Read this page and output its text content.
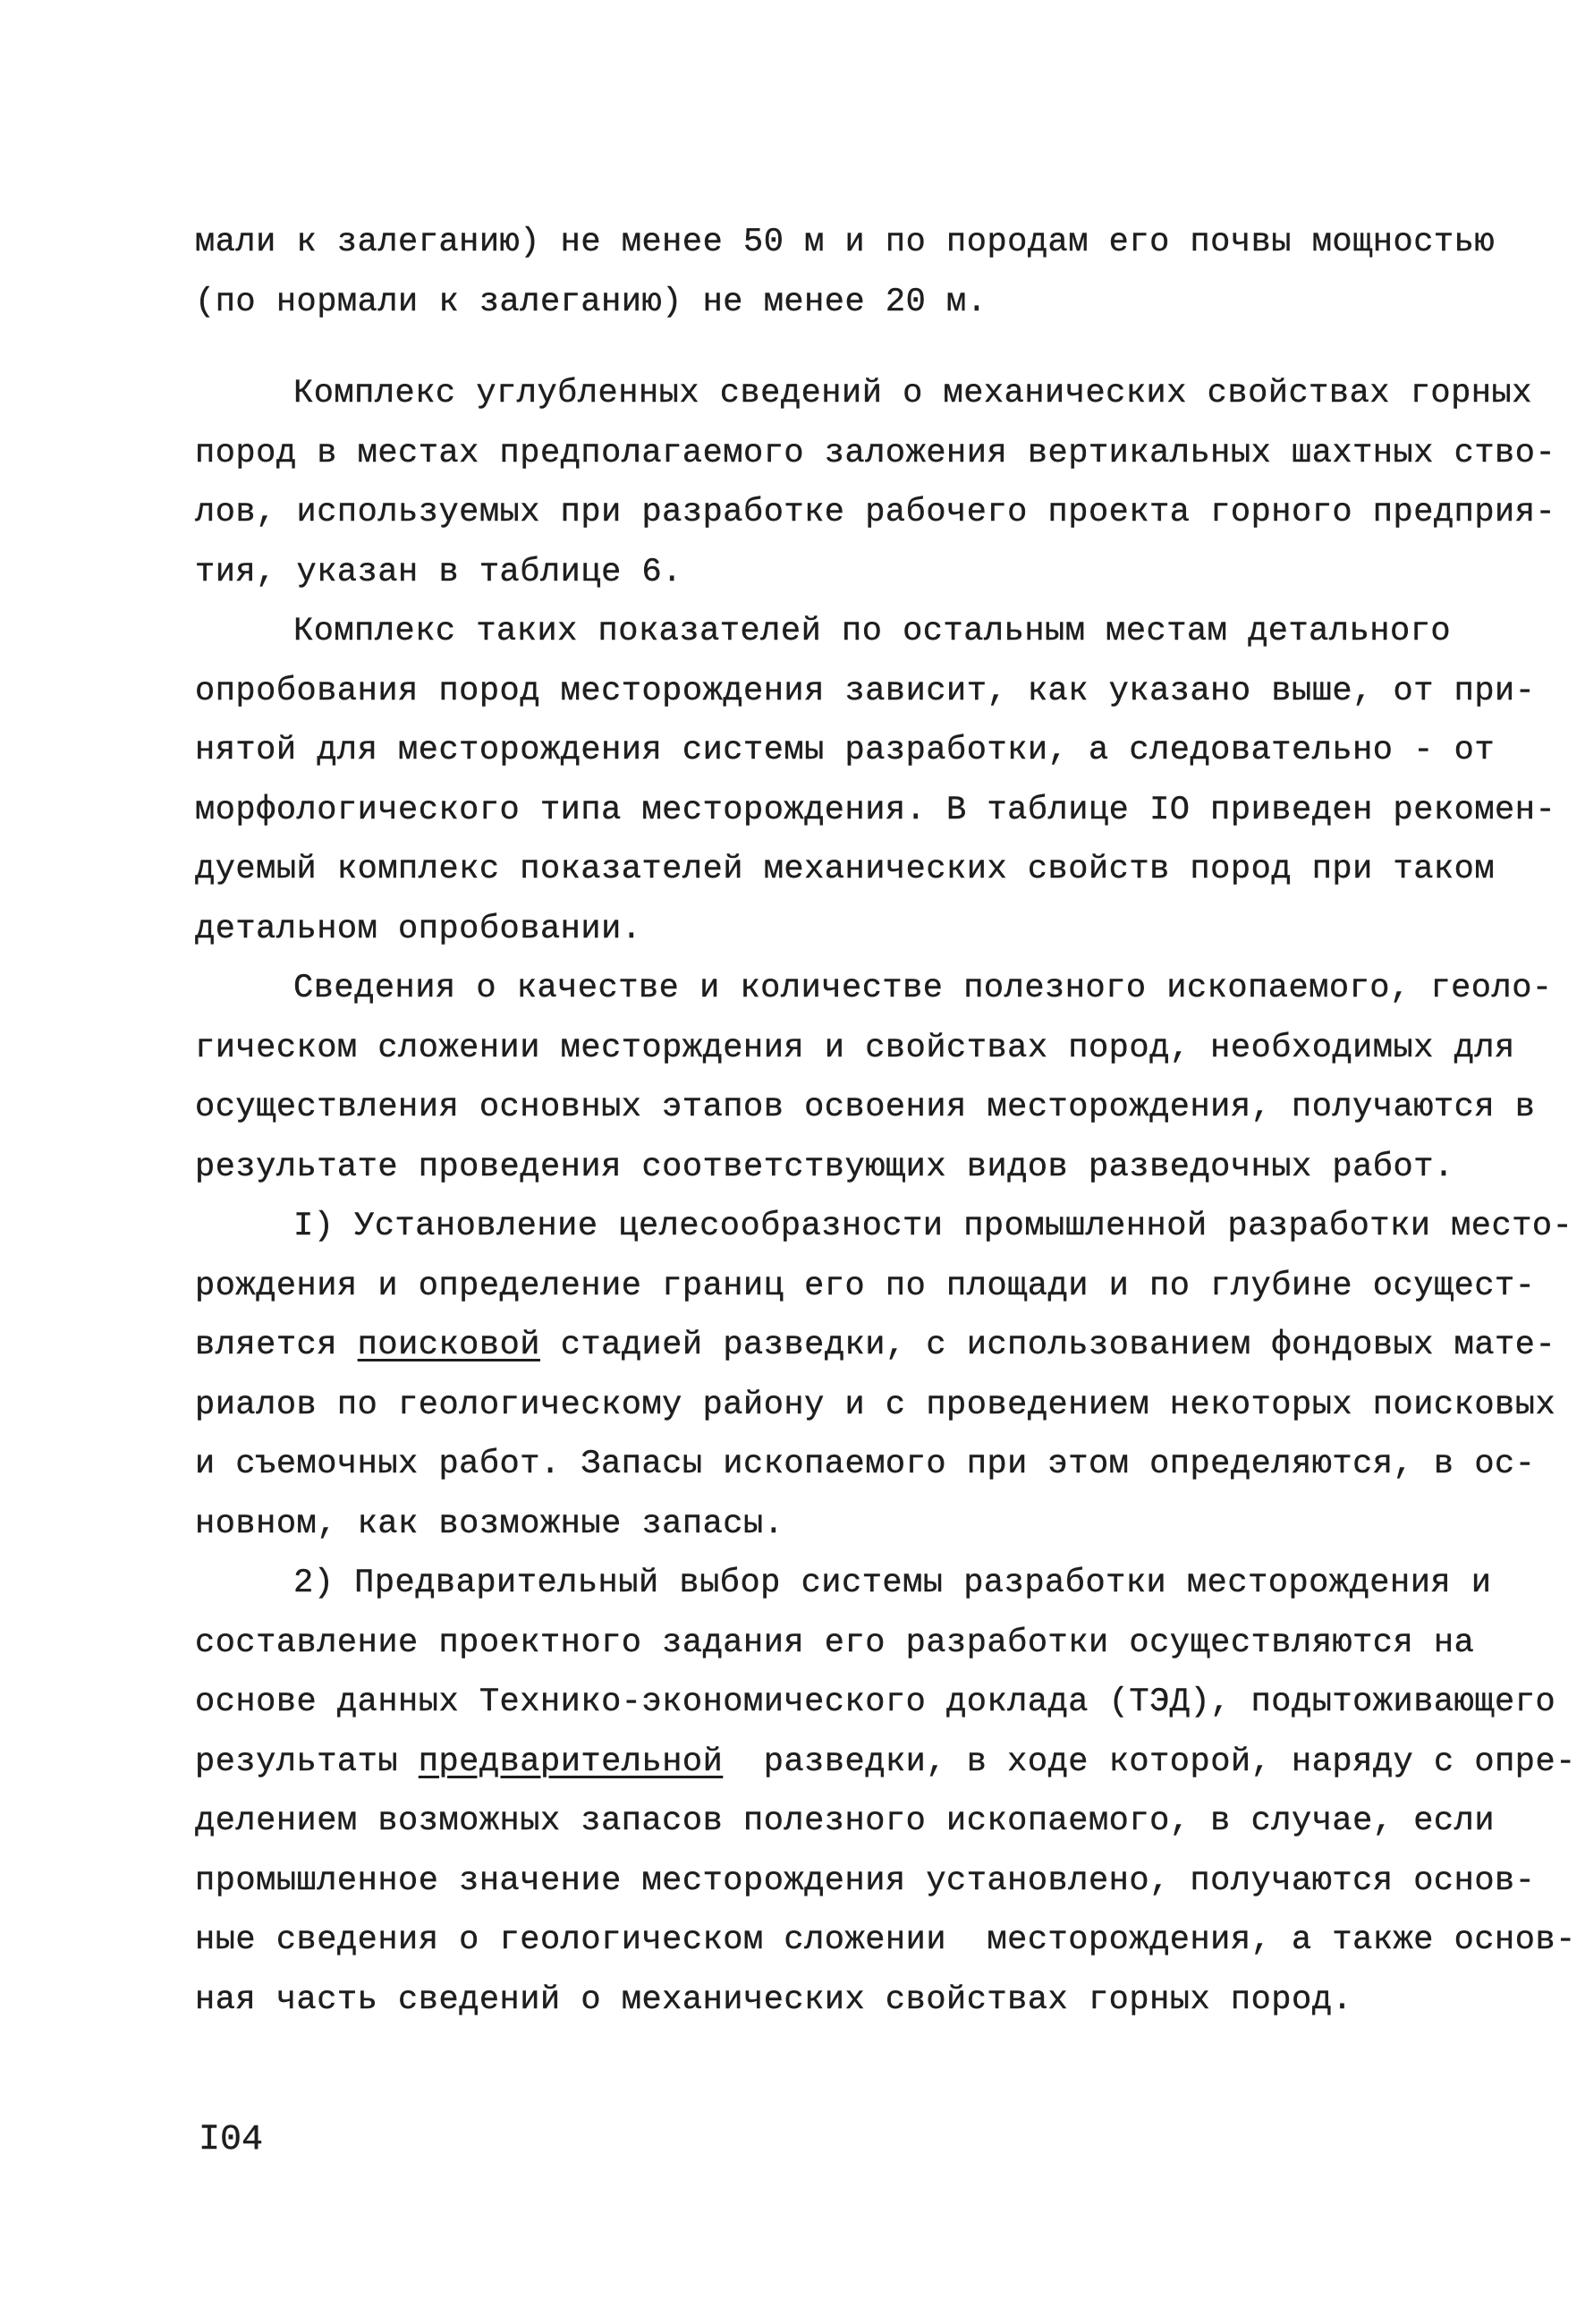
мали к залеганию) не менее 50 м и по породам его почвы мощностью
(по нормали к залеганию) не менее 20 м.
Комплекс углубленных сведений о механических свойствах горных
пород в местах предполагаемого заложения вертикальных шахтных ство-
лов, используемых при разработке рабочего проекта горного предприя-
тия, указан в таблице 6.
Комплекс таких показателей по остальным местам детального
опробования пород месторождения зависит, как указано выше, от при-
нятой для месторождения системы разработки, а следовательно - от
морфологического типа месторождения. В таблице IO приведен рекомен-
дуемый комплекс показателей механических свойств пород при таком
детальном опробовании.
Сведения о качестве и количестве полезного ископаемого, геоло-
гическом сложении месторждения и свойствах пород, необходимых для
осуществления основных этапов освоения месторождения, получаются в
результате проведения соответствующих видов разведочных работ.
I) Установление целесообразности промышленной разработки место-
рождения и определение границ его по площади и по глубине осущест-
вляется поисковой стадией разведки, с использованием фондовых мате-
риалов по геологическому району и с проведением некоторых поисковых
и съемочных работ. Запасы ископаемого при этом определяются, в ос-
новном, как возможные запасы.
2) Предварительный выбор системы разработки месторождения и
составление проектного задания его разработки осуществляются на
основе данных Технико-экономического доклада (ТЭД), подытоживающего
результаты предварительной  разведки, в ходе которой, наряду с опре-
делением возможных запасов полезного ископаемого, в случае, если
промышленное значение месторождения установлено, получаются основ-
ные сведения о геологическом сложении  месторождения, а также основ-
ная часть сведений о механических свойствах горных пород.
I04
